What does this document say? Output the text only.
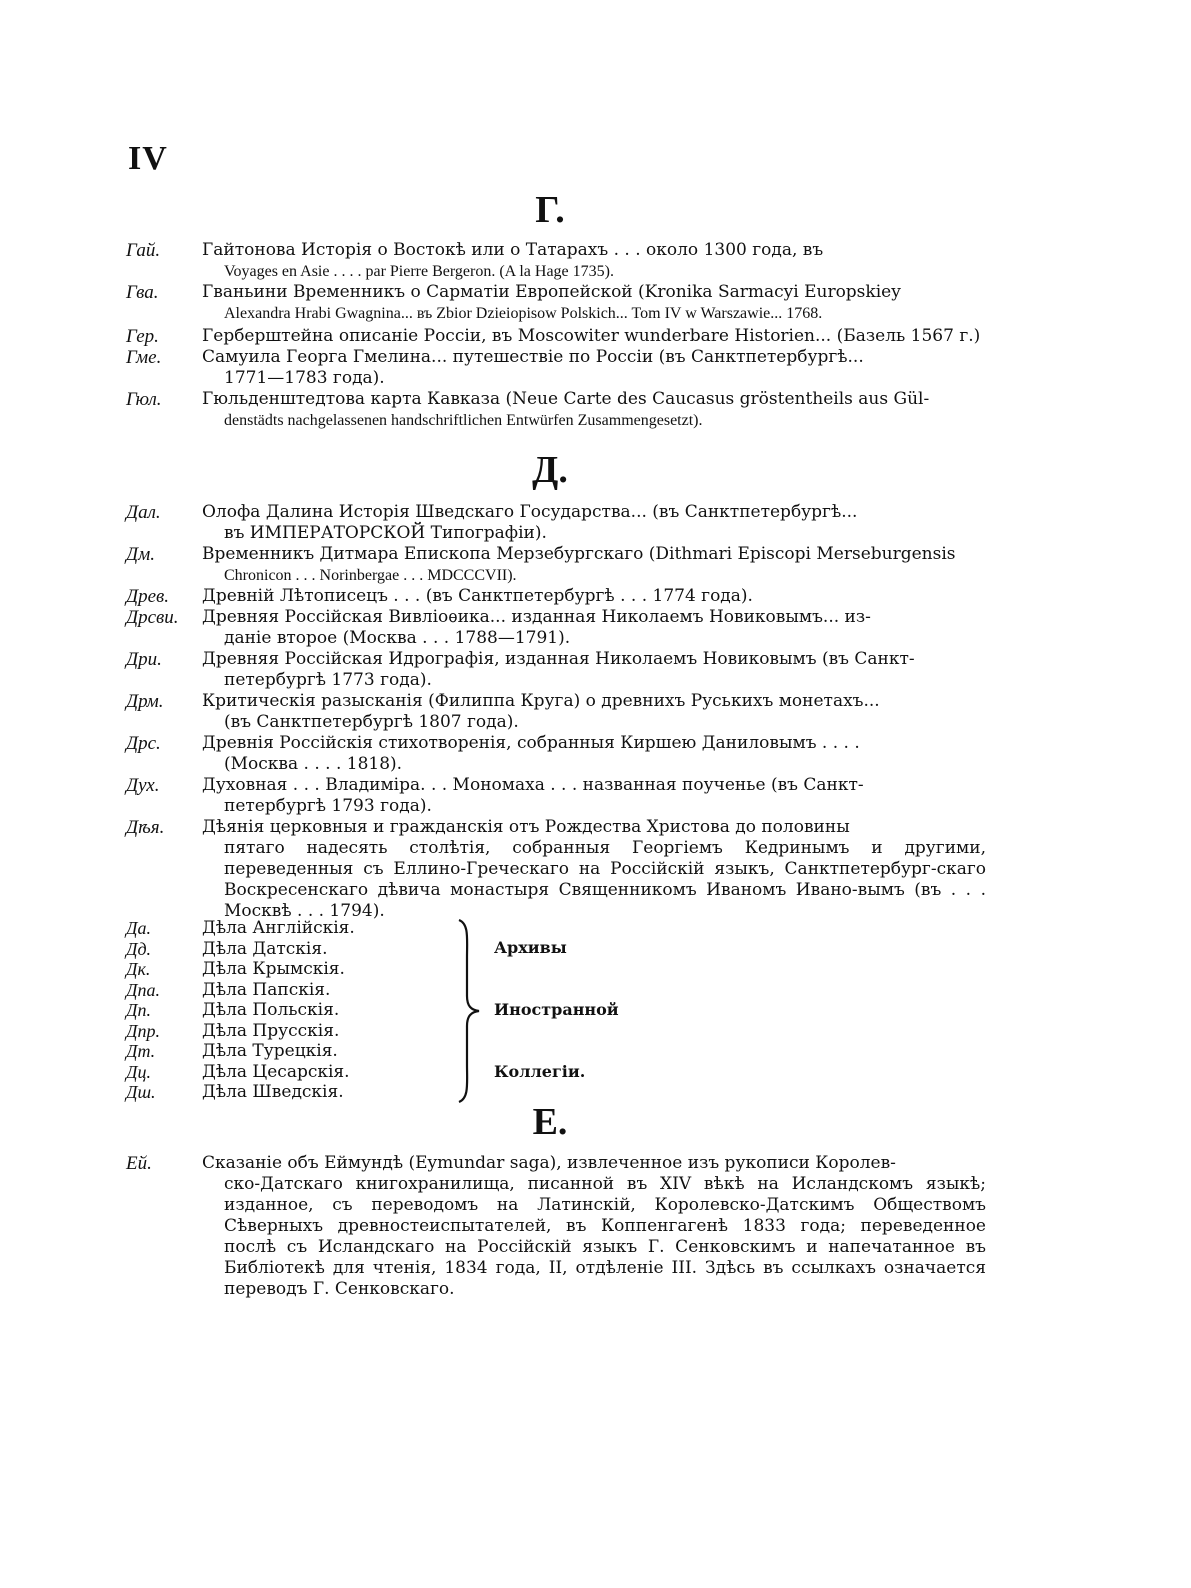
IV
Г.
Гай.	Гайтонова Исторія о Востокѣ или о Татарахъ . . . около 1300 года, въ
Voyages en Asie . . . . par Pierre Bergeron. (A la Hage 1735).
Гва.	Гваньини Временникъ о Сарматіи Европейской (Kronika Sarmacyi Europskiey
Alexandra Hrabi Gwagnina... въ Zbior Dzieiopisow Polskich... Tom IV w Warszawie... 1768.
Гер.	Герберштейна описаніе Россіи, въ Moscowiter wunderbare Historien... (Базель 1567 г.)
Гме.	Самуила Георга Гмелина... путешествіе по Россіи (въ Санктпетербургѣ...
1771—1783 года).
Гюл.	Гюльденштедтова карта Кавказа (Neue Carte des Caucasus gröstentheils aus Gül-
denstädts nachgelassenen handschriftlichen Entwürfen Zusammengesetzt).
Д.
Дал.	Олофа Далина Исторія Шведскаго Государства... (въ Санктпетербургѣ...
въ ИМПЕРАТОРСКОЙ Типографіи).
Дм.	Временникъ Дитмара Епископа Мерзебургскаго (Dithmari Episcopi Merseburgensis
Chronicon . . . Norinbergae . . . MDCCCVII).
Древ.	Древній Лѣтописецъ . . . (въ Санктпетербургѣ . . . 1774 года).
Дрсви.	Древняя Россійская Вивліоѳика... изданная Николаемъ Новиковымъ... из-
даніе второе (Москва . . . 1788—1791).
Дри.	Древняя Россійская Идрографія, изданная Николаемъ Новиковымъ (въ Санкт-
петербургѣ 1773 года).
Дрм.	Критическія разысканія (Филиппа Круга) о древнихъ Руськихъ монетахъ...
(въ Санктпетербургѣ 1807 года).
Дрс.	Древнія Россійскія стихотворенія, собранныя Киршею Даниловымъ . . . .
(Москва . . . . 1818).
Дух.	Духовная . . . Владиміра. . . Мономаха . . . названная поученье (въ Санкт-
петербургѣ 1793 года).
Дѣя.	Дѣянія церковныя и гражданскія отъ Рождества Христова до половины
пятаго надесять столѣтія, собранныя Георгіемъ Кедринымъ и другими, переведенныя съ Еллино-Греческаго на Россійскій языкъ, Санктпетербург-скаго Воскресенскаго дѣвича монастыря Священникомъ Иваномъ Ивано-вымъ (въ . . . Москвѣ . . . 1794).
Да.	Дѣла Англійскія.
Дд.	Дѣла Датскія.
Дк.	Дѣла Крымскія.
Дпа.	Дѣла Папскія.
Дп.	Дѣла Польскія.
Дпр.	Дѣла Прусскія.
Дт.	Дѣла Турецкія.
Дц.	Дѣла Цесарскія.
Дш.	Дѣла Шведскія.
Архивы
Иностранной
Коллегіи.
Е.
Ей.	Сказаніе объ Еймундѣ (Eymundar saga), извлеченное изъ рукописи Королев-
ско-Датскаго книгохранилища, писанной въ XIV вѣкѣ на Исландскомъ языкѣ; изданное, съ переводомъ на Латинскій, Королевско-Датскимъ Обществомъ Сѣверныхъ древностеиспытателей, въ Коппенгагенѣ 1833 года; переведенное послѣ съ Исландскаго на Россійскій языкъ Г. Сенковскимъ и напечатанное въ Библіотекѣ для чтенія, 1834 года, II, отдѣленіе III. Здѣсь въ ссылкахъ означается переводъ Г. Сенковскаго.
